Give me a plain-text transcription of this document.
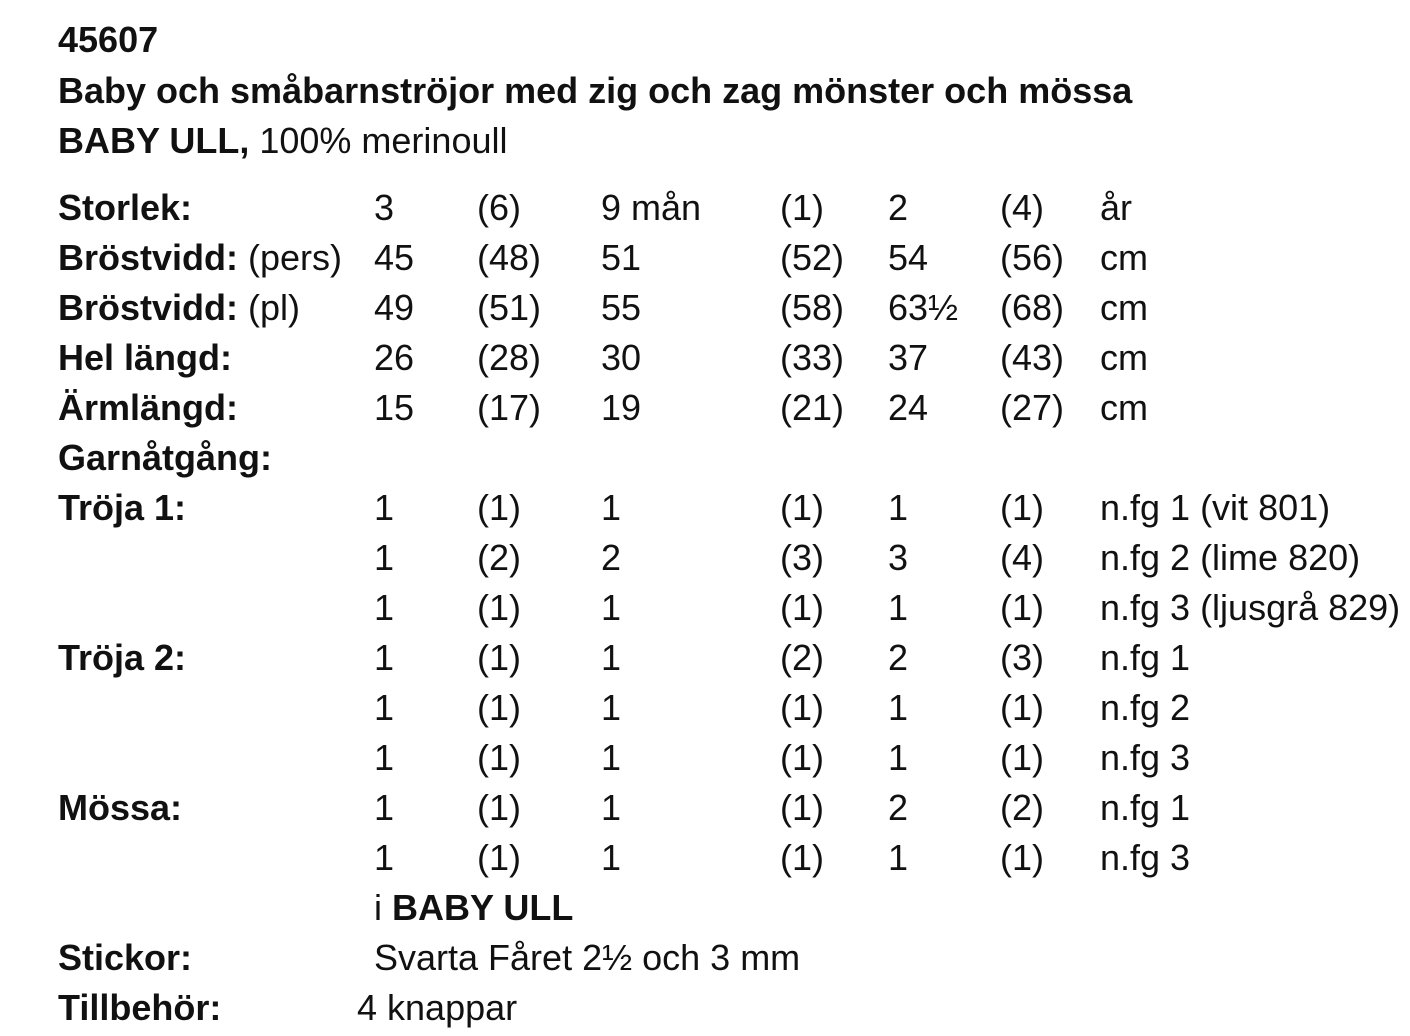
45607
Baby och småbarnströjor med zig och zag mönster och mössa
BABY ULL, 100% merinoull
Storlek:	3 (6) 9 mån (1) 2	(4) år
Bröstvidd: (pers) 45 (48) 51	(52) 54 (56) cm
Bröstvidd: (pl) 49 (51) 55	(58) 63½ (68) cm
Hel längd:	26 (28) 30	(33) 37 (43) cm
Ärmlängd:	15 (17) 19	(21) 24 (27) cm
Garnåtgång:
Tröja 1:	1 (1) 1	(1) 1	(1) n.fg 1 (vit 801)
1 (2) 2	(3) 3	(4) n.fg 2 (lime 820)
1 (1) 1	(1) 1	(1) n.fg 3 (ljusgrå 829)
Tröja 2:	1 (1) 1	(2) 2	(3) n.fg 1
1 (1) 1	(1) 1	(1) n.fg 2
1 (1) 1	(1) 1	(1) n.fg 3
Mössa:	1 (1) 1	(1) 2	(2) n.fg 1
1 (1) 1	(1) 1	(1) n.fg 3
i BABY ULL
Stickor:	Svarta Fåret 2½ och 3 mm
Tillbehör:	4 knappar
